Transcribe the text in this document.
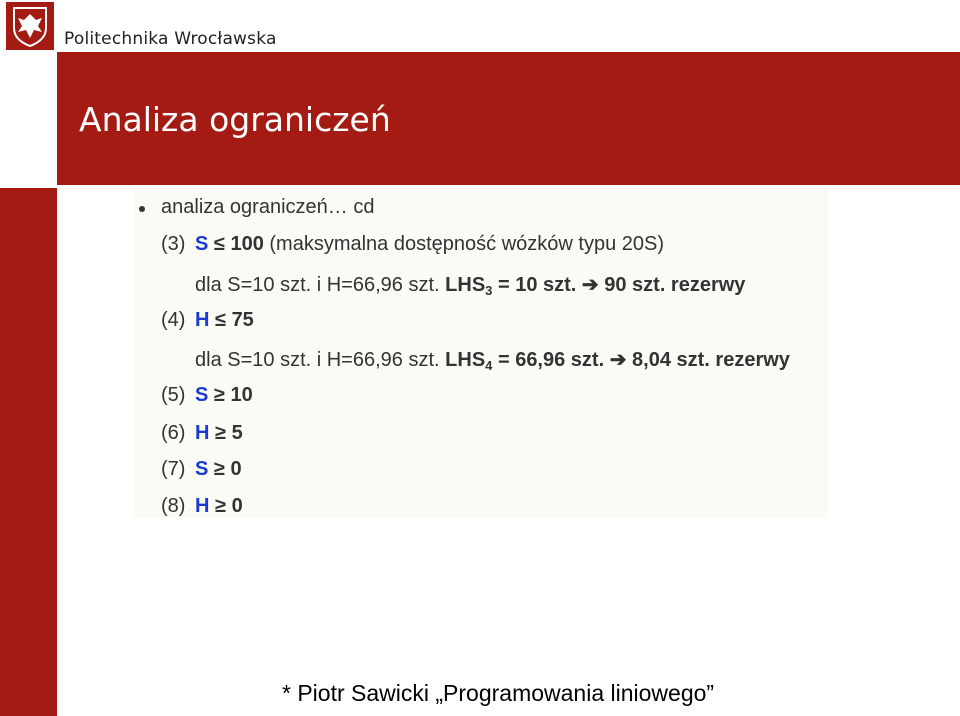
Politechnika Wrocławska
Analiza ograniczeń
analiza ograniczeń… cd
(3) S ≤ 100 (maksymalna dostępność wózków typu 20S)
dla S=10 szt. i H=66,96 szt. $LHS_3 = 10$ szt. ➔ 90 szt. rezerwy
(4) H ≤ 75
dla S=10 szt. i H=66,96 szt. $LHS_4 = 66,96$ szt. ➔ 8,04 szt. rezerwy
(5) S ≥ 10
(6) H ≥ 5
(7) S ≥ 0
(8) H ≥ 0
* Piotr Sawicki „Programowania liniowego”
